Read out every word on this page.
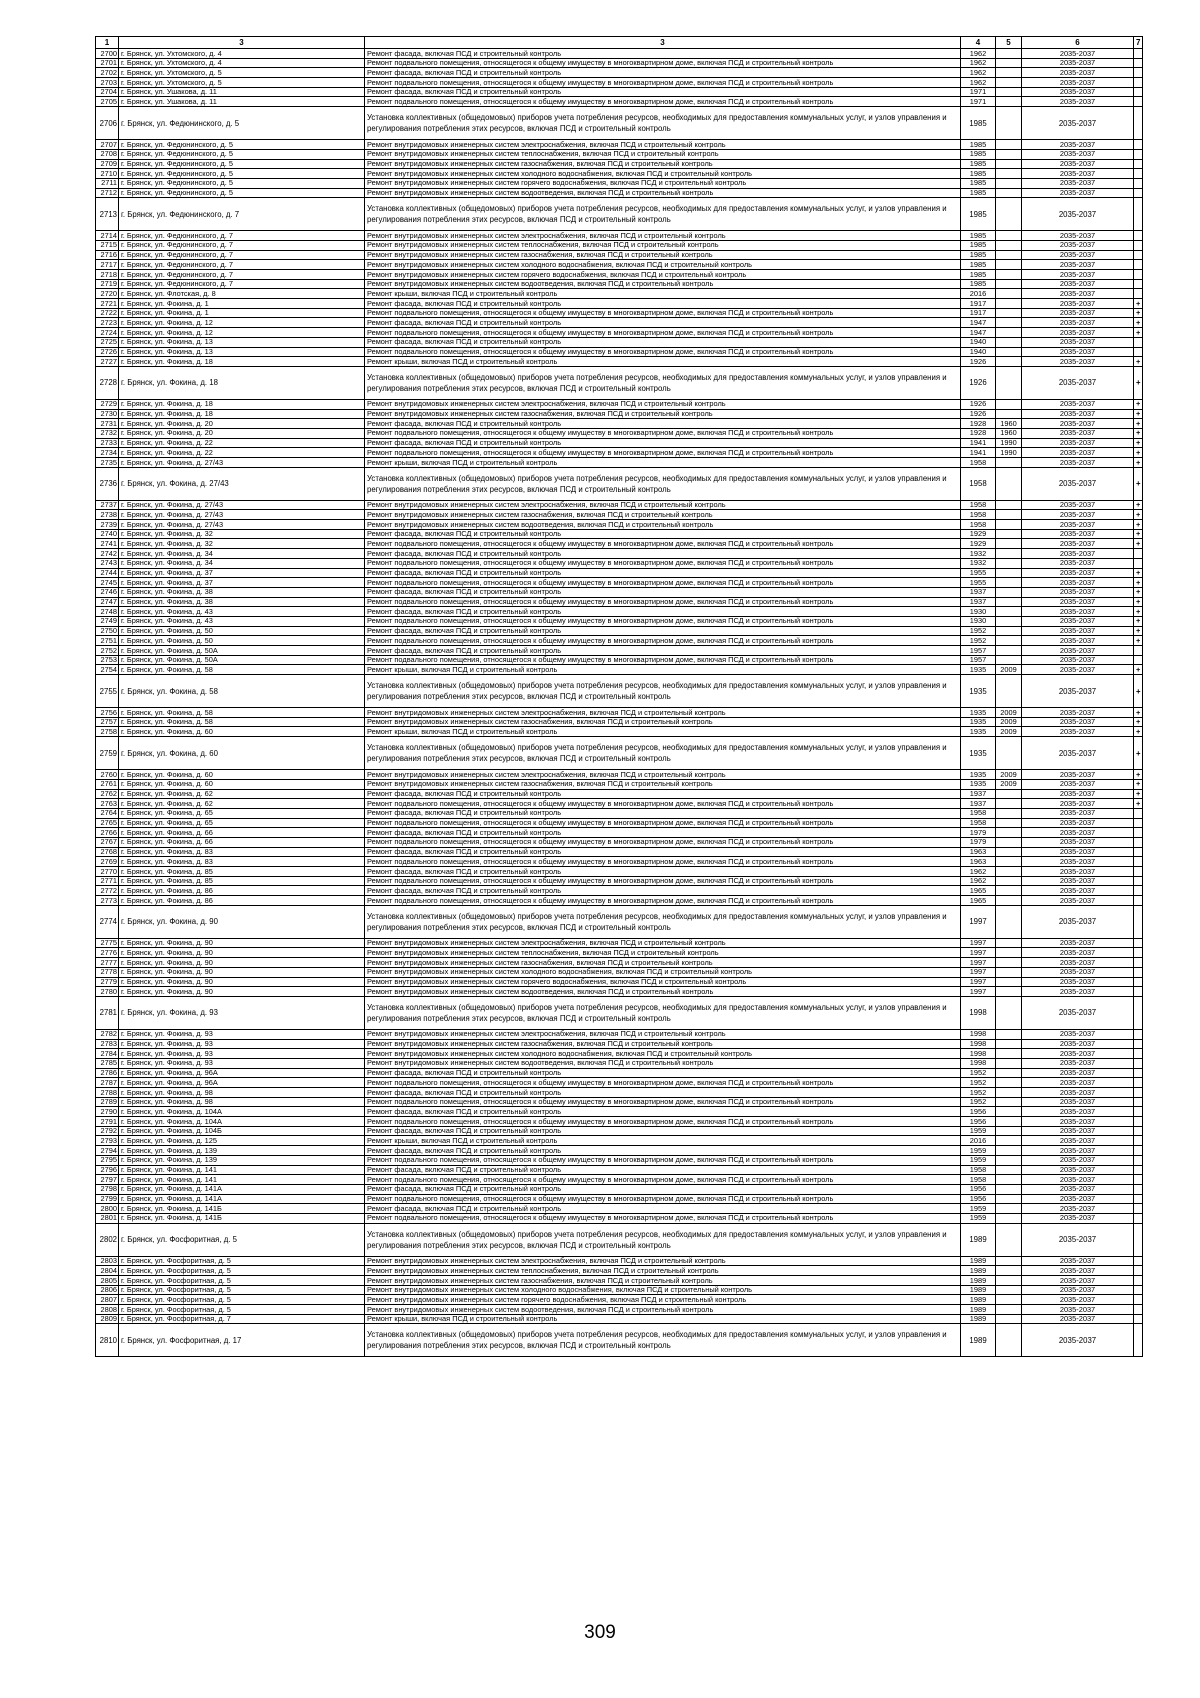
1	3	3	4	5	6	7
2700	г. Брянск, ул. Ухтомского, д. 4	Ремонт фасада, включая ПСД и строительный контроль	1962		2035-2037	
2701	г. Брянск, ул. Ухтомского, д. 4	Ремонт подвального помещения, относящегося к общему имуществу в многоквартирном доме, включая ПСД и строительный контроль	1962		2035-2037	
2702	г. Брянск, ул. Ухтомского, д. 5	Ремонт фасада, включая ПСД и строительный контроль	1962		2035-2037	
2703	г. Брянск, ул. Ухтомского, д. 5	Ремонт подвального помещения, относящегося к общему имуществу в многоквартирном доме, включая ПСД и строительный контроль	1962		2035-2037	
2704	г. Брянск, ул. Ушакова, д. 11	Ремонт фасада, включая ПСД и строительный контроль	1971		2035-2037	
2705	г. Брянск, ул. Ушакова, д. 11	Ремонт подвального помещения, относящегося к общему имуществу в многоквартирном доме, включая ПСД и строительный контроль	1971		2035-2037	
2706	г. Брянск, ул. Федюнинского, д. 5	Установка коллективных (общедомовых) приборов учета потребления ресурсов, необходимых для предоставления коммунальных услуг, и узлов управления и регулирования потребления этих ресурсов, включая ПСД и строительный контроль	1985		2035-2037	
2707	г. Брянск, ул. Федюнинского, д. 5	Ремонт внутридомовых инженерных систем электроснабжения, включая ПСД и строительный контроль	1985		2035-2037	
2708	г. Брянск, ул. Федюнинского, д. 5	Ремонт внутридомовых инженерных систем теплоснабжения, включая ПСД и строительный контроль	1985		2035-2037	
2709	г. Брянск, ул. Федюнинского, д. 5	Ремонт внутридомовых инженерных систем газоснабжения, включая ПСД и строительный контроль	1985		2035-2037	
2710	г. Брянск, ул. Федюнинского, д. 5	Ремонт внутридомовых инженерных систем холодного водоснабжения, включая ПСД и строительный контроль	1985		2035-2037	
2711	г. Брянск, ул. Федюнинского, д. 5	Ремонт внутридомовых инженерных систем горячего водоснабжения, включая ПСД и строительный контроль	1985		2035-2037	
2712	г. Брянск, ул. Федюнинского, д. 5	Ремонт внутридомовых инженерных систем водоотведения, включая ПСД и строительный контроль	1985		2035-2037	
2713	г. Брянск, ул. Федюнинского, д. 7	Установка коллективных (общедомовых) приборов учета потребления ресурсов, необходимых для предоставления коммунальных услуг, и узлов управления и регулирования потребления этих ресурсов, включая ПСД и строительный контроль	1985		2035-2037	
2714	г. Брянск, ул. Федюнинского, д. 7	Ремонт внутридомовых инженерных систем электроснабжения, включая ПСД и строительный контроль	1985		2035-2037	
2715	г. Брянск, ул. Федюнинского, д. 7	Ремонт внутридомовых инженерных систем теплоснабжения, включая ПСД и строительный контроль	1985		2035-2037	
2716	г. Брянск, ул. Федюнинского, д. 7	Ремонт внутридомовых инженерных систем газоснабжения, включая ПСД и строительный контроль	1985		2035-2037	
2717	г. Брянск, ул. Федюнинского, д. 7	Ремонт внутридомовых инженерных систем холодного водоснабжения, включая ПСД и строительный контроль	1985		2035-2037	
2718	г. Брянск, ул. Федюнинского, д. 7	Ремонт внутридомовых инженерных систем горячего водоснабжения, включая ПСД и строительный контроль	1985		2035-2037	
2719	г. Брянск, ул. Федюнинского, д. 7	Ремонт внутридомовых инженерных систем водоотведения, включая ПСД и строительный контроль	1985		2035-2037	
2720	г. Брянск, ул. Флотская, д. 8	Ремонт крыши, включая ПСД и строительный контроль	2016		2035-2037	
2721	г. Брянск, ул. Фокина, д. 1	Ремонт фасада, включая ПСД и строительный контроль	1917		2035-2037	+
2722	г. Брянск, ул. Фокина, д. 1	Ремонт подвального помещения, относящегося к общему имуществу в многоквартирном доме, включая ПСД и строительный контроль	1917		2035-2037	+
2723	г. Брянск, ул. Фокина, д. 12	Ремонт фасада, включая ПСД и строительный контроль	1947		2035-2037	+
2724	г. Брянск, ул. Фокина, д. 12	Ремонт подвального помещения, относящегося к общему имуществу в многоквартирном доме, включая ПСД и строительный контроль	1947		2035-2037	+
2725	г. Брянск, ул. Фокина, д. 13	Ремонт фасада, включая ПСД и строительный контроль	1940		2035-2037	
2726	г. Брянск, ул. Фокина, д. 13	Ремонт подвального помещения, относящегося к общему имуществу в многоквартирном доме, включая ПСД и строительный контроль	1940		2035-2037	
2727	г. Брянск, ул. Фокина, д. 18	Ремонт крыши, включая ПСД и строительный контроль	1926		2035-2037	+
2728	г. Брянск, ул. Фокина, д. 18	Установка коллективных (общедомовых) приборов учета потребления ресурсов, необходимых для предоставления коммунальных услуг, и узлов управления и регулирования потребления этих ресурсов, включая ПСД и строительный контроль	1926		2035-2037	+
2729	г. Брянск, ул. Фокина, д. 18	Ремонт внутридомовых инженерных систем электроснабжения, включая ПСД и строительный контроль	1926		2035-2037	+
2730	г. Брянск, ул. Фокина, д. 18	Ремонт внутридомовых инженерных систем газоснабжения, включая ПСД и строительный контроль	1926		2035-2037	+
2731	г. Брянск, ул. Фокина, д. 20	Ремонт фасада, включая ПСД и строительный контроль	1928	1960	2035-2037	+
2732	г. Брянск, ул. Фокина, д. 20	Ремонт подвального помещения, относящегося к общему имуществу в многоквартирном доме, включая ПСД и строительный контроль	1928	1960	2035-2037	+
2733	г. Брянск, ул. Фокина, д. 22	Ремонт фасада, включая ПСД и строительный контроль	1941	1990	2035-2037	+
2734	г. Брянск, ул. Фокина, д. 22	Ремонт подвального помещения, относящегося к общему имуществу в многоквартирном доме, включая ПСД и строительный контроль	1941	1990	2035-2037	+
2735	г. Брянск, ул. Фокина, д. 27/43	Ремонт крыши, включая ПСД и строительный контроль	1958		2035-2037	+
2736	г. Брянск, ул. Фокина, д. 27/43	Установка коллективных (общедомовых) приборов учета потребления ресурсов, необходимых для предоставления коммунальных услуг, и узлов управления и регулирования потребления этих ресурсов, включая ПСД и строительный контроль	1958		2035-2037	+
2737	г. Брянск, ул. Фокина, д. 27/43	Ремонт внутридомовых инженерных систем электроснабжения, включая ПСД и строительный контроль	1958		2035-2037	+
2738	г. Брянск, ул. Фокина, д. 27/43	Ремонт внутридомовых инженерных систем газоснабжения, включая ПСД и строительный контроль	1958		2035-2037	+
2739	г. Брянск, ул. Фокина, д. 27/43	Ремонт внутридомовых инженерных систем водоотведения, включая ПСД и строительный контроль	1958		2035-2037	+
2740	г. Брянск, ул. Фокина, д. 32	Ремонт фасада, включая ПСД и строительный контроль	1929		2035-2037	+
2741	г. Брянск, ул. Фокина, д. 32	Ремонт подвального помещения, относящегося к общему имуществу в многоквартирном доме, включая ПСД и строительный контроль	1929		2035-2037	+
2742	г. Брянск, ул. Фокина, д. 34	Ремонт фасада, включая ПСД и строительный контроль	1932		2035-2037	
2743	г. Брянск, ул. Фокина, д. 34	Ремонт подвального помещения, относящегося к общему имуществу в многоквартирном доме, включая ПСД и строительный контроль	1932		2035-2037	
2744	г. Брянск, ул. Фокина, д. 37	Ремонт фасада, включая ПСД и строительный контроль	1955		2035-2037	+
2745	г. Брянск, ул. Фокина, д. 37	Ремонт подвального помещения, относящегося к общему имуществу в многоквартирном доме, включая ПСД и строительный контроль	1955		2035-2037	+
2746	г. Брянск, ул. Фокина, д. 38	Ремонт фасада, включая ПСД и строительный контроль	1937		2035-2037	+
2747	г. Брянск, ул. Фокина, д. 38	Ремонт подвального помещения, относящегося к общему имуществу в многоквартирном доме, включая ПСД и строительный контроль	1937		2035-2037	+
2748	г. Брянск, ул. Фокина, д. 43	Ремонт фасада, включая ПСД и строительный контроль	1930		2035-2037	+
2749	г. Брянск, ул. Фокина, д. 43	Ремонт подвального помещения, относящегося к общему имуществу в многоквартирном доме, включая ПСД и строительный контроль	1930		2035-2037	+
2750	г. Брянск, ул. Фокина, д. 50	Ремонт фасада, включая ПСД и строительный контроль	1952		2035-2037	+
2751	г. Брянск, ул. Фокина, д. 50	Ремонт подвального помещения, относящегося к общему имуществу в многоквартирном доме, включая ПСД и строительный контроль	1952		2035-2037	+
2752	г. Брянск, ул. Фокина, д. 50А	Ремонт фасада, включая ПСД и строительный контроль	1957		2035-2037	
2753	г. Брянск, ул. Фокина, д. 50А	Ремонт подвального помещения, относящегося к общему имуществу в многоквартирном доме, включая ПСД и строительный контроль	1957		2035-2037	
2754	г. Брянск, ул. Фокина, д. 58	Ремонт крыши, включая ПСД и строительный контроль	1935	2009	2035-2037	+
2755	г. Брянск, ул. Фокина, д. 58	Установка коллективных (общедомовых) приборов учета потребления ресурсов, необходимых для предоставления коммунальных услуг, и узлов управления и регулирования потребления этих ресурсов, включая ПСД и строительный контроль	1935		2035-2037	+
2756	г. Брянск, ул. Фокина, д. 58	Ремонт внутридомовых инженерных систем электроснабжения, включая ПСД и строительный контроль	1935	2009	2035-2037	+
2757	г. Брянск, ул. Фокина, д. 58	Ремонт внутридомовых инженерных систем газоснабжения, включая ПСД и строительный контроль	1935	2009	2035-2037	+
2758	г. Брянск, ул. Фокина, д. 60	Ремонт крыши, включая ПСД и строительный контроль	1935	2009	2035-2037	+
2759	г. Брянск, ул. Фокина, д. 60	Установка коллективных (общедомовых) приборов учета потребления ресурсов, необходимых для предоставления коммунальных услуг, и узлов управления и регулирования потребления этих ресурсов, включая ПСД и строительный контроль	1935		2035-2037	+
2760	г. Брянск, ул. Фокина, д. 60	Ремонт внутридомовых инженерных систем электроснабжения, включая ПСД и строительный контроль	1935	2009	2035-2037	+
2761	г. Брянск, ул. Фокина, д. 60	Ремонт внутридомовых инженерных систем газоснабжения, включая ПСД и строительный контроль	1935	2009	2035-2037	+
2762	г. Брянск, ул. Фокина, д. 62	Ремонт фасада, включая ПСД и строительный контроль	1937		2035-2037	+
2763	г. Брянск, ул. Фокина, д. 62	Ремонт подвального помещения, относящегося к общему имуществу в многоквартирном доме, включая ПСД и строительный контроль	1937		2035-2037	+
2764	г. Брянск, ул. Фокина, д. 65	Ремонт фасада, включая ПСД и строительный контроль	1958		2035-2037	
2765	г. Брянск, ул. Фокина, д. 65	Ремонт подвального помещения, относящегося к общему имуществу в многоквартирном доме, включая ПСД и строительный контроль	1958		2035-2037	
2766	г. Брянск, ул. Фокина, д. 66	Ремонт фасада, включая ПСД и строительный контроль	1979		2035-2037	
2767	г. Брянск, ул. Фокина, д. 66	Ремонт подвального помещения, относящегося к общему имуществу в многоквартирном доме, включая ПСД и строительный контроль	1979		2035-2037	
2768	г. Брянск, ул. Фокина, д. 83	Ремонт фасада, включая ПСД и строительный контроль	1963		2035-2037	
2769	г. Брянск, ул. Фокина, д. 83	Ремонт подвального помещения, относящегося к общему имуществу в многоквартирном доме, включая ПСД и строительный контроль	1963		2035-2037	
2770	г. Брянск, ул. Фокина, д. 85	Ремонт фасада, включая ПСД и строительный контроль	1962		2035-2037	
2771	г. Брянск, ул. Фокина, д. 85	Ремонт подвального помещения, относящегося к общему имуществу в многоквартирном доме, включая ПСД и строительный контроль	1962		2035-2037	
2772	г. Брянск, ул. Фокина, д. 86	Ремонт фасада, включая ПСД и строительный контроль	1965		2035-2037	
2773	г. Брянск, ул. Фокина, д. 86	Ремонт подвального помещения, относящегося к общему имуществу в многоквартирном доме, включая ПСД и строительный контроль	1965		2035-2037	
2774	г. Брянск, ул. Фокина, д. 90	Установка коллективных (общедомовых) приборов учета потребления ресурсов, необходимых для предоставления коммунальных услуг, и узлов управления и регулирования потребления этих ресурсов, включая ПСД и строительный контроль	1997		2035-2037	
2775	г. Брянск, ул. Фокина, д. 90	Ремонт внутридомовых инженерных систем электроснабжения, включая ПСД и строительный контроль	1997		2035-2037	
2776	г. Брянск, ул. Фокина, д. 90	Ремонт внутридомовых инженерных систем теплоснабжения, включая ПСД и строительный контроль	1997		2035-2037	
2777	г. Брянск, ул. Фокина, д. 90	Ремонт внутридомовых инженерных систем газоснабжения, включая ПСД и строительный контроль	1997		2035-2037	
2778	г. Брянск, ул. Фокина, д. 90	Ремонт внутридомовых инженерных систем холодного водоснабжения, включая ПСД и строительный контроль	1997		2035-2037	
2779	г. Брянск, ул. Фокина, д. 90	Ремонт внутридомовых инженерных систем горячего водоснабжения, включая ПСД и строительный контроль	1997		2035-2037	
2780	г. Брянск, ул. Фокина, д. 90	Ремонт внутридомовых инженерных систем водоотведения, включая ПСД и строительный контроль	1997		2035-2037	
2781	г. Брянск, ул. Фокина, д. 93	Установка коллективных (общедомовых) приборов учета потребления ресурсов, необходимых для предоставления коммунальных услуг, и узлов управления и регулирования потребления этих ресурсов, включая ПСД и строительный контроль	1998		2035-2037	
2782	г. Брянск, ул. Фокина, д. 93	Ремонт внутридомовых инженерных систем электроснабжения, включая ПСД и строительный контроль	1998		2035-2037	
2783	г. Брянск, ул. Фокина, д. 93	Ремонт внутридомовых инженерных систем газоснабжения, включая ПСД и строительный контроль	1998		2035-2037	
2784	г. Брянск, ул. Фокина, д. 93	Ремонт внутридомовых инженерных систем холодного водоснабжения, включая ПСД и строительный контроль	1998		2035-2037	
2785	г. Брянск, ул. Фокина, д. 93	Ремонт внутридомовых инженерных систем водоотведения, включая ПСД и строительный контроль	1998		2035-2037	
2786	г. Брянск, ул. Фокина, д. 96А	Ремонт фасада, включая ПСД и строительный контроль	1952		2035-2037	
2787	г. Брянск, ул. Фокина, д. 96А	Ремонт подвального помещения, относящегося к общему имуществу в многоквартирном доме, включая ПСД и строительный контроль	1952		2035-2037	
2788	г. Брянск, ул. Фокина, д. 98	Ремонт фасада, включая ПСД и строительный контроль	1952		2035-2037	
2789	г. Брянск, ул. Фокина, д. 98	Ремонт подвального помещения, относящегося к общему имуществу в многоквартирном доме, включая ПСД и строительный контроль	1952		2035-2037	
2790	г. Брянск, ул. Фокина, д. 104А	Ремонт фасада, включая ПСД и строительный контроль	1956		2035-2037	
2791	г. Брянск, ул. Фокина, д. 104А	Ремонт подвального помещения, относящегося к общему имуществу в многоквартирном доме, включая ПСД и строительный контроль	1956		2035-2037	
2792	г. Брянск, ул. Фокина, д. 104Б	Ремонт фасада, включая ПСД и строительный контроль	1959		2035-2037	
2793	г. Брянск, ул. Фокина, д. 125	Ремонт крыши, включая ПСД и строительный контроль	2016		2035-2037	
2794	г. Брянск, ул. Фокина, д. 139	Ремонт фасада, включая ПСД и строительный контроль	1959		2035-2037	
2795	г. Брянск, ул. Фокина, д. 139	Ремонт подвального помещения, относящегося к общему имуществу в многоквартирном доме, включая ПСД и строительный контроль	1959		2035-2037	
2796	г. Брянск, ул. Фокина, д. 141	Ремонт фасада, включая ПСД и строительный контроль	1958		2035-2037	
2797	г. Брянск, ул. Фокина, д. 141	Ремонт подвального помещения, относящегося к общему имуществу в многоквартирном доме, включая ПСД и строительный контроль	1958		2035-2037	
2798	г. Брянск, ул. Фокина, д. 141А	Ремонт фасада, включая ПСД и строительный контроль	1956		2035-2037	
2799	г. Брянск, ул. Фокина, д. 141А	Ремонт подвального помещения, относящегося к общему имуществу в многоквартирном доме, включая ПСД и строительный контроль	1956		2035-2037	
2800	г. Брянск, ул. Фокина, д. 141Б	Ремонт фасада, включая ПСД и строительный контроль	1959		2035-2037	
2801	г. Брянск, ул. Фокина, д. 141Б	Ремонт подвального помещения, относящегося к общему имуществу в многоквартирном доме, включая ПСД и строительный контроль	1959		2035-2037	
2802	г. Брянск, ул. Фосфоритная, д. 5	Установка коллективных (общедомовых) приборов учета потребления ресурсов, необходимых для предоставления коммунальных услуг, и узлов управления и регулирования потребления этих ресурсов, включая ПСД и строительный контроль	1989		2035-2037	
2803	г. Брянск, ул. Фосфоритная, д. 5	Ремонт внутридомовых инженерных систем электроснабжения, включая ПСД и строительный контроль	1989		2035-2037	
2804	г. Брянск, ул. Фосфоритная, д. 5	Ремонт внутридомовых инженерных систем теплоснабжения, включая ПСД и строительный контроль	1989		2035-2037	
2805	г. Брянск, ул. Фосфоритная, д. 5	Ремонт внутридомовых инженерных систем газоснабжения, включая ПСД и строительный контроль	1989		2035-2037	
2806	г. Брянск, ул. Фосфоритная, д. 5	Ремонт внутридомовых инженерных систем холодного водоснабжения, включая ПСД и строительный контроль	1989		2035-2037	
2807	г. Брянск, ул. Фосфоритная, д. 5	Ремонт внутридомовых инженерных систем горячего водоснабжения, включая ПСД и строительный контроль	1989		2035-2037	
2808	г. Брянск, ул. Фосфоритная, д. 5	Ремонт внутридомовых инженерных систем водоотведения, включая ПСД и строительный контроль	1989		2035-2037	
2809	г. Брянск, ул. Фосфоритная, д. 7	Ремонт крыши, включая ПСД и строительный контроль	1989		2035-2037	
2810	г. Брянск, ул. Фосфоритная, д. 17	Установка коллективных (общедомовых) приборов учета потребления ресурсов, необходимых для предоставления коммунальных услуг, и узлов управления и регулирования потребления этих ресурсов, включая ПСД и строительный контроль	1989		2035-2037	
309
